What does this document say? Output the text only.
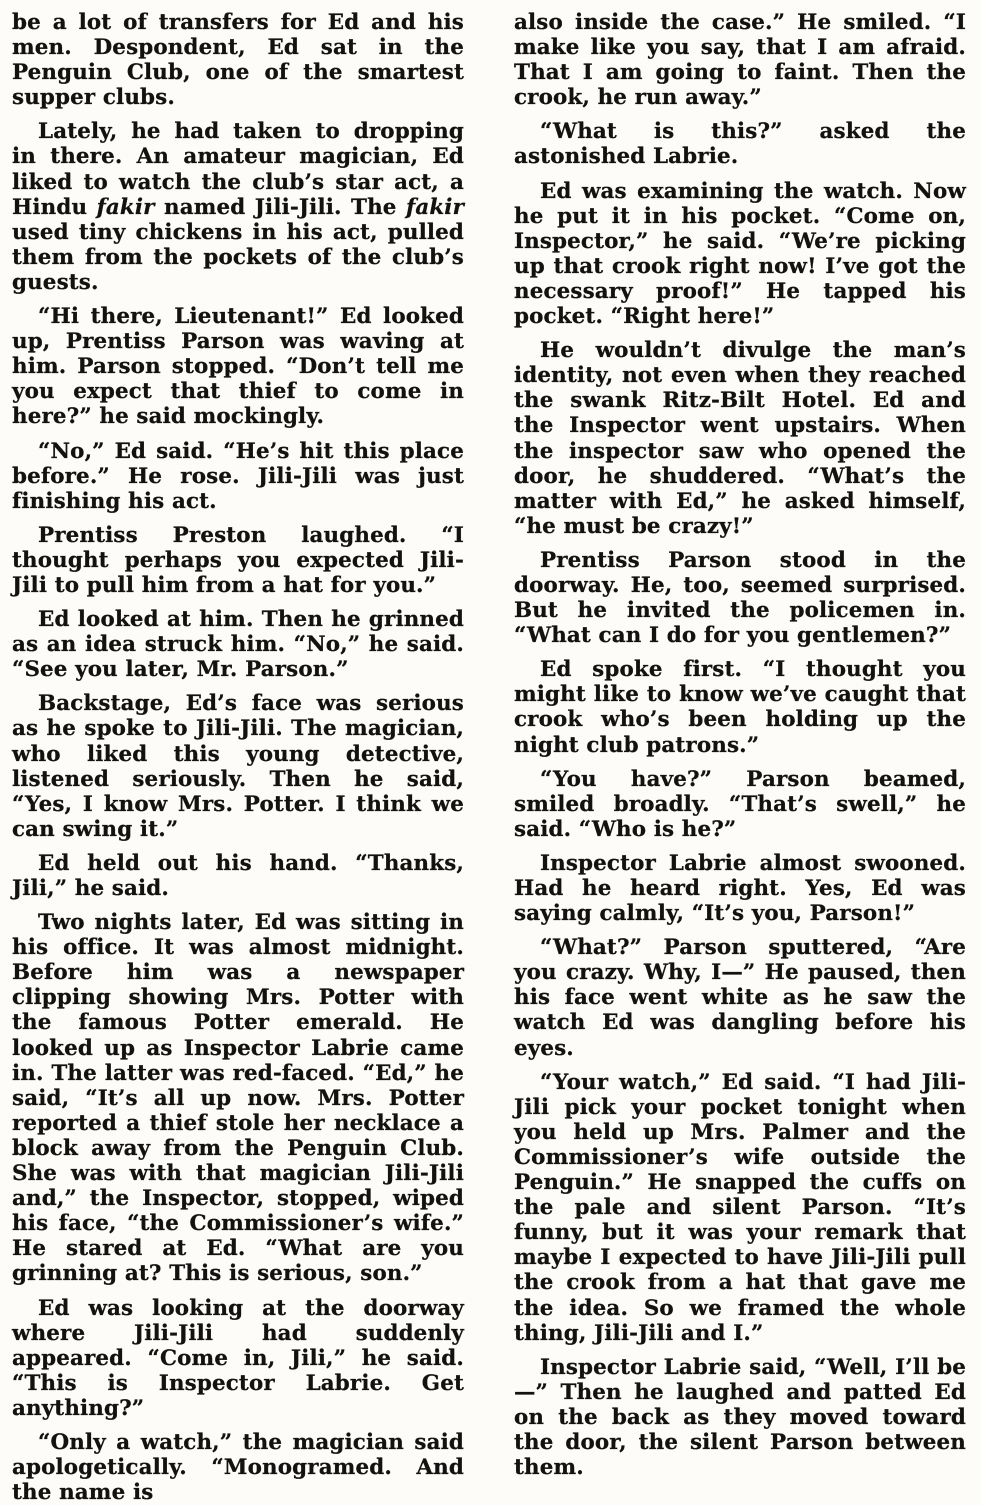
be a lot of transfers for Ed and his men. Despondent, Ed sat in the Penguin Club, one of the smartest supper clubs.

Lately, he had taken to dropping in there. An amateur magician, Ed liked to watch the club’s star act, a Hindu fakir named Jili-Jili. The fakir used tiny chickens in his act, pulled them from the pockets of the club’s guests.

“Hi there, Lieutenant!” Ed looked up, Prentiss Parson was waving at him. Parson stopped. “Don’t tell me you expect that thief to come in here?” he said mockingly.

“No,” Ed said. “He’s hit this place before.” He rose. Jili-Jili was just finishing his act.

Prentiss Preston laughed. “I thought perhaps you expected Jili-Jili to pull him from a hat for you.”

Ed looked at him. Then he grinned as an idea struck him. “No,” he said. “See you later, Mr. Parson.”

Backstage, Ed’s face was serious as he spoke to Jili-Jili. The magician, who liked this young detective, listened seriously. Then he said, “Yes, I know Mrs. Potter. I think we can swing it.”

Ed held out his hand. “Thanks, Jili,” he said.

Two nights later, Ed was sitting in his office. It was almost midnight. Before him was a newspaper clipping showing Mrs. Potter with the famous Potter emerald. He looked up as Inspector Labrie came in. The latter was red-faced. “Ed,” he said, “It’s all up now. Mrs. Potter reported a thief stole her necklace a block away from the Penguin Club. She was with that magician Jili-Jili and,” the Inspector, stopped, wiped his face, “the Commissioner’s wife.” He stared at Ed. “What are you grinning at? This is serious, son.”

Ed was looking at the doorway where Jili-Jili had suddenly appeared. “Come in, Jili,” he said. “This is Inspector Labrie. Get anything?”

“Only a watch,” the magician said apologetically. “Monogramed. And the name is

also inside the case.” He smiled. “I make like you say, that I am afraid. That I am going to faint. Then the crook, he run away.”

“What is this?” asked the astonished Labrie.

Ed was examining the watch. Now he put it in his pocket. “Come on, Inspector,” he said. “We’re picking up that crook right now! I’ve got the necessary proof!” He tapped his pocket. “Right here!”

He wouldn’t divulge the man’s identity, not even when they reached the swank Ritz-Bilt Hotel. Ed and the Inspector went upstairs. When the inspector saw who opened the door, he shuddered. “What’s the matter with Ed,” he asked himself, “he must be crazy!”

Prentiss Parson stood in the doorway. He, too, seemed surprised. But he invited the policemen in. “What can I do for you gentlemen?”

Ed spoke first. “I thought you might like to know we’ve caught that crook who’s been holding up the night club patrons.”

“You have?” Parson beamed, smiled broadly. “That’s swell,” he said. “Who is he?”

Inspector Labrie almost swooned. Had he heard right. Yes, Ed was saying calmly, “It’s you, Parson!”

“What?” Parson sputtered, “Are you crazy. Why, I—” He paused, then his face went white as he saw the watch Ed was dangling before his eyes.

“Your watch,” Ed said. “I had Jili-Jili pick your pocket tonight when you held up Mrs. Palmer and the Commissioner’s wife outside the Penguin.” He snapped the cuffs on the pale and silent Parson. “It’s funny, but it was your remark that maybe I expected to have Jili-Jili pull the crook from a hat that gave me the idea. So we framed the whole thing, Jili-Jili and I.”

Inspector Labrie said, “Well, I’ll be—” Then he laughed and patted Ed on the back as they moved toward the door, the silent Parson between them.
